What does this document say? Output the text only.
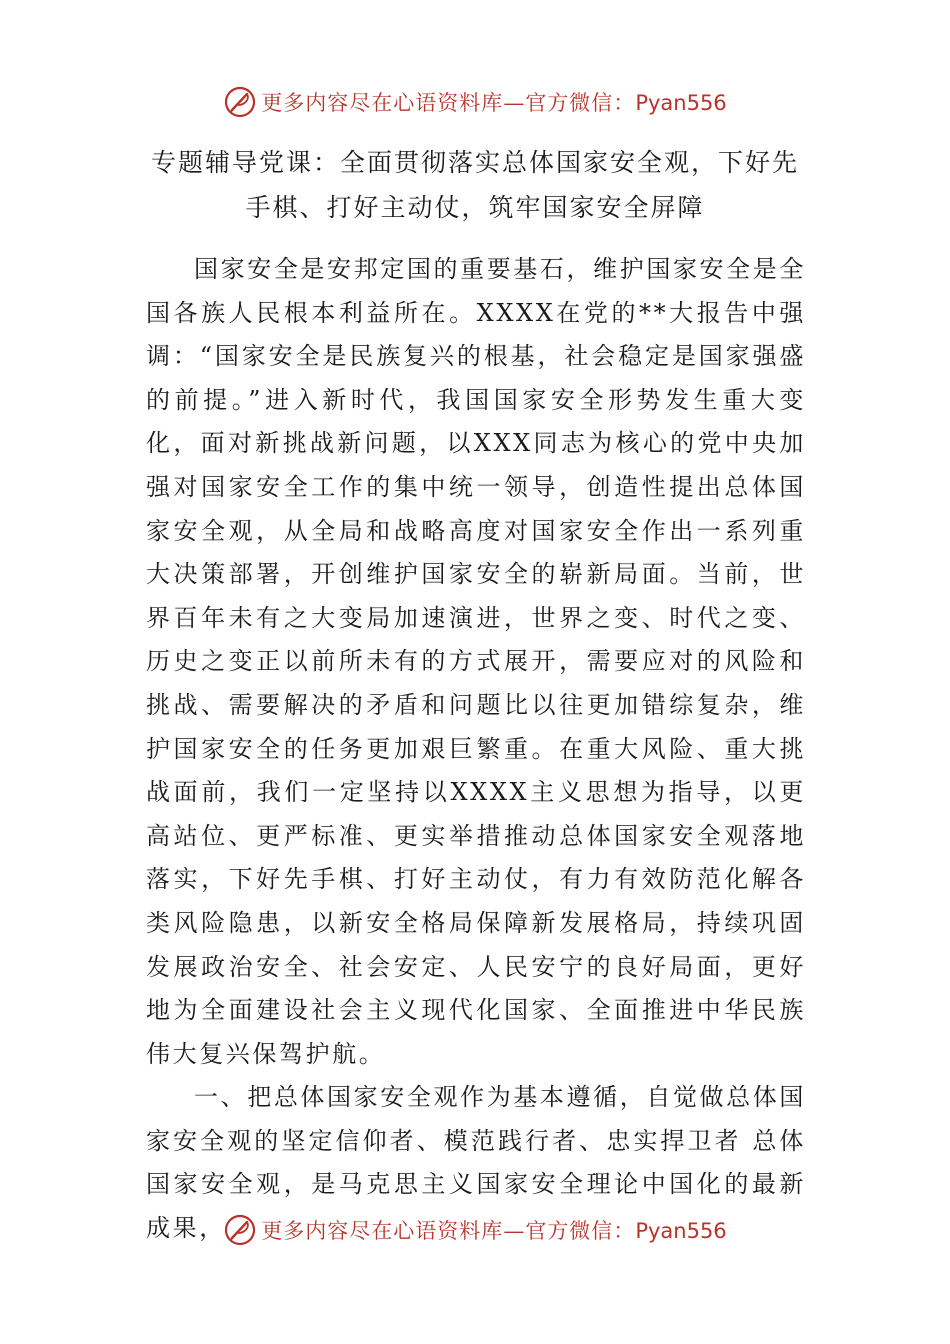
更多内容尽在心语资料库—官方微信：Pyan556
专题辅导党课：全面贯彻落实总体国家安全观，下好先手棋、打好主动仗，筑牢国家安全屏障

国家安全是安邦定国的重要基石，维护国家安全是全国各族人民根本利益所在。XXXX在党的**大报告中强调：“国家安全是民族复兴的根基，社会稳定是国家强盛的前提。”进入新时代，我国国家安全形势发生重大变化，面对新挑战新问题，以XXX同志为核心的党中央加强对国家安全工作的集中统一领导，创造性提出总体国家安全观，从全局和战略高度对国家安全作出一系列重大决策部署，开创维护国家安全的崭新局面。当前，世界百年未有之大变局加速演进，世界之变、时代之变、历史之变正以前所未有的方式展开，需要应对的风险和挑战、需要解决的矛盾和问题比以往更加错综复杂，维护国家安全的任务更加艰巨繁重。在重大风险、重大挑战面前，我们一定坚持以XXXX主义思想为指导，以更高站位、更严标准、更实举措推动总体国家安全观落地落实，下好先手棋、打好主动仗，有力有效防范化解各类风险隐患，以新安全格局保障新发展格局，持续巩固发展政治安全、社会安定、人民安宁的良好局面，更好地为全面建设社会主义现代化国家、全面推进中华民族伟大复兴保驾护航。

一、把总体国家安全观作为基本遵循，自觉做总体国家安全观的坚定信仰者、模范践行者、忠实捍卫者 总体国家安全观，是马克思主义国家安全理论中国化的最新成果，	更多内容尽在心语资料库—官方微信：Pyan556
